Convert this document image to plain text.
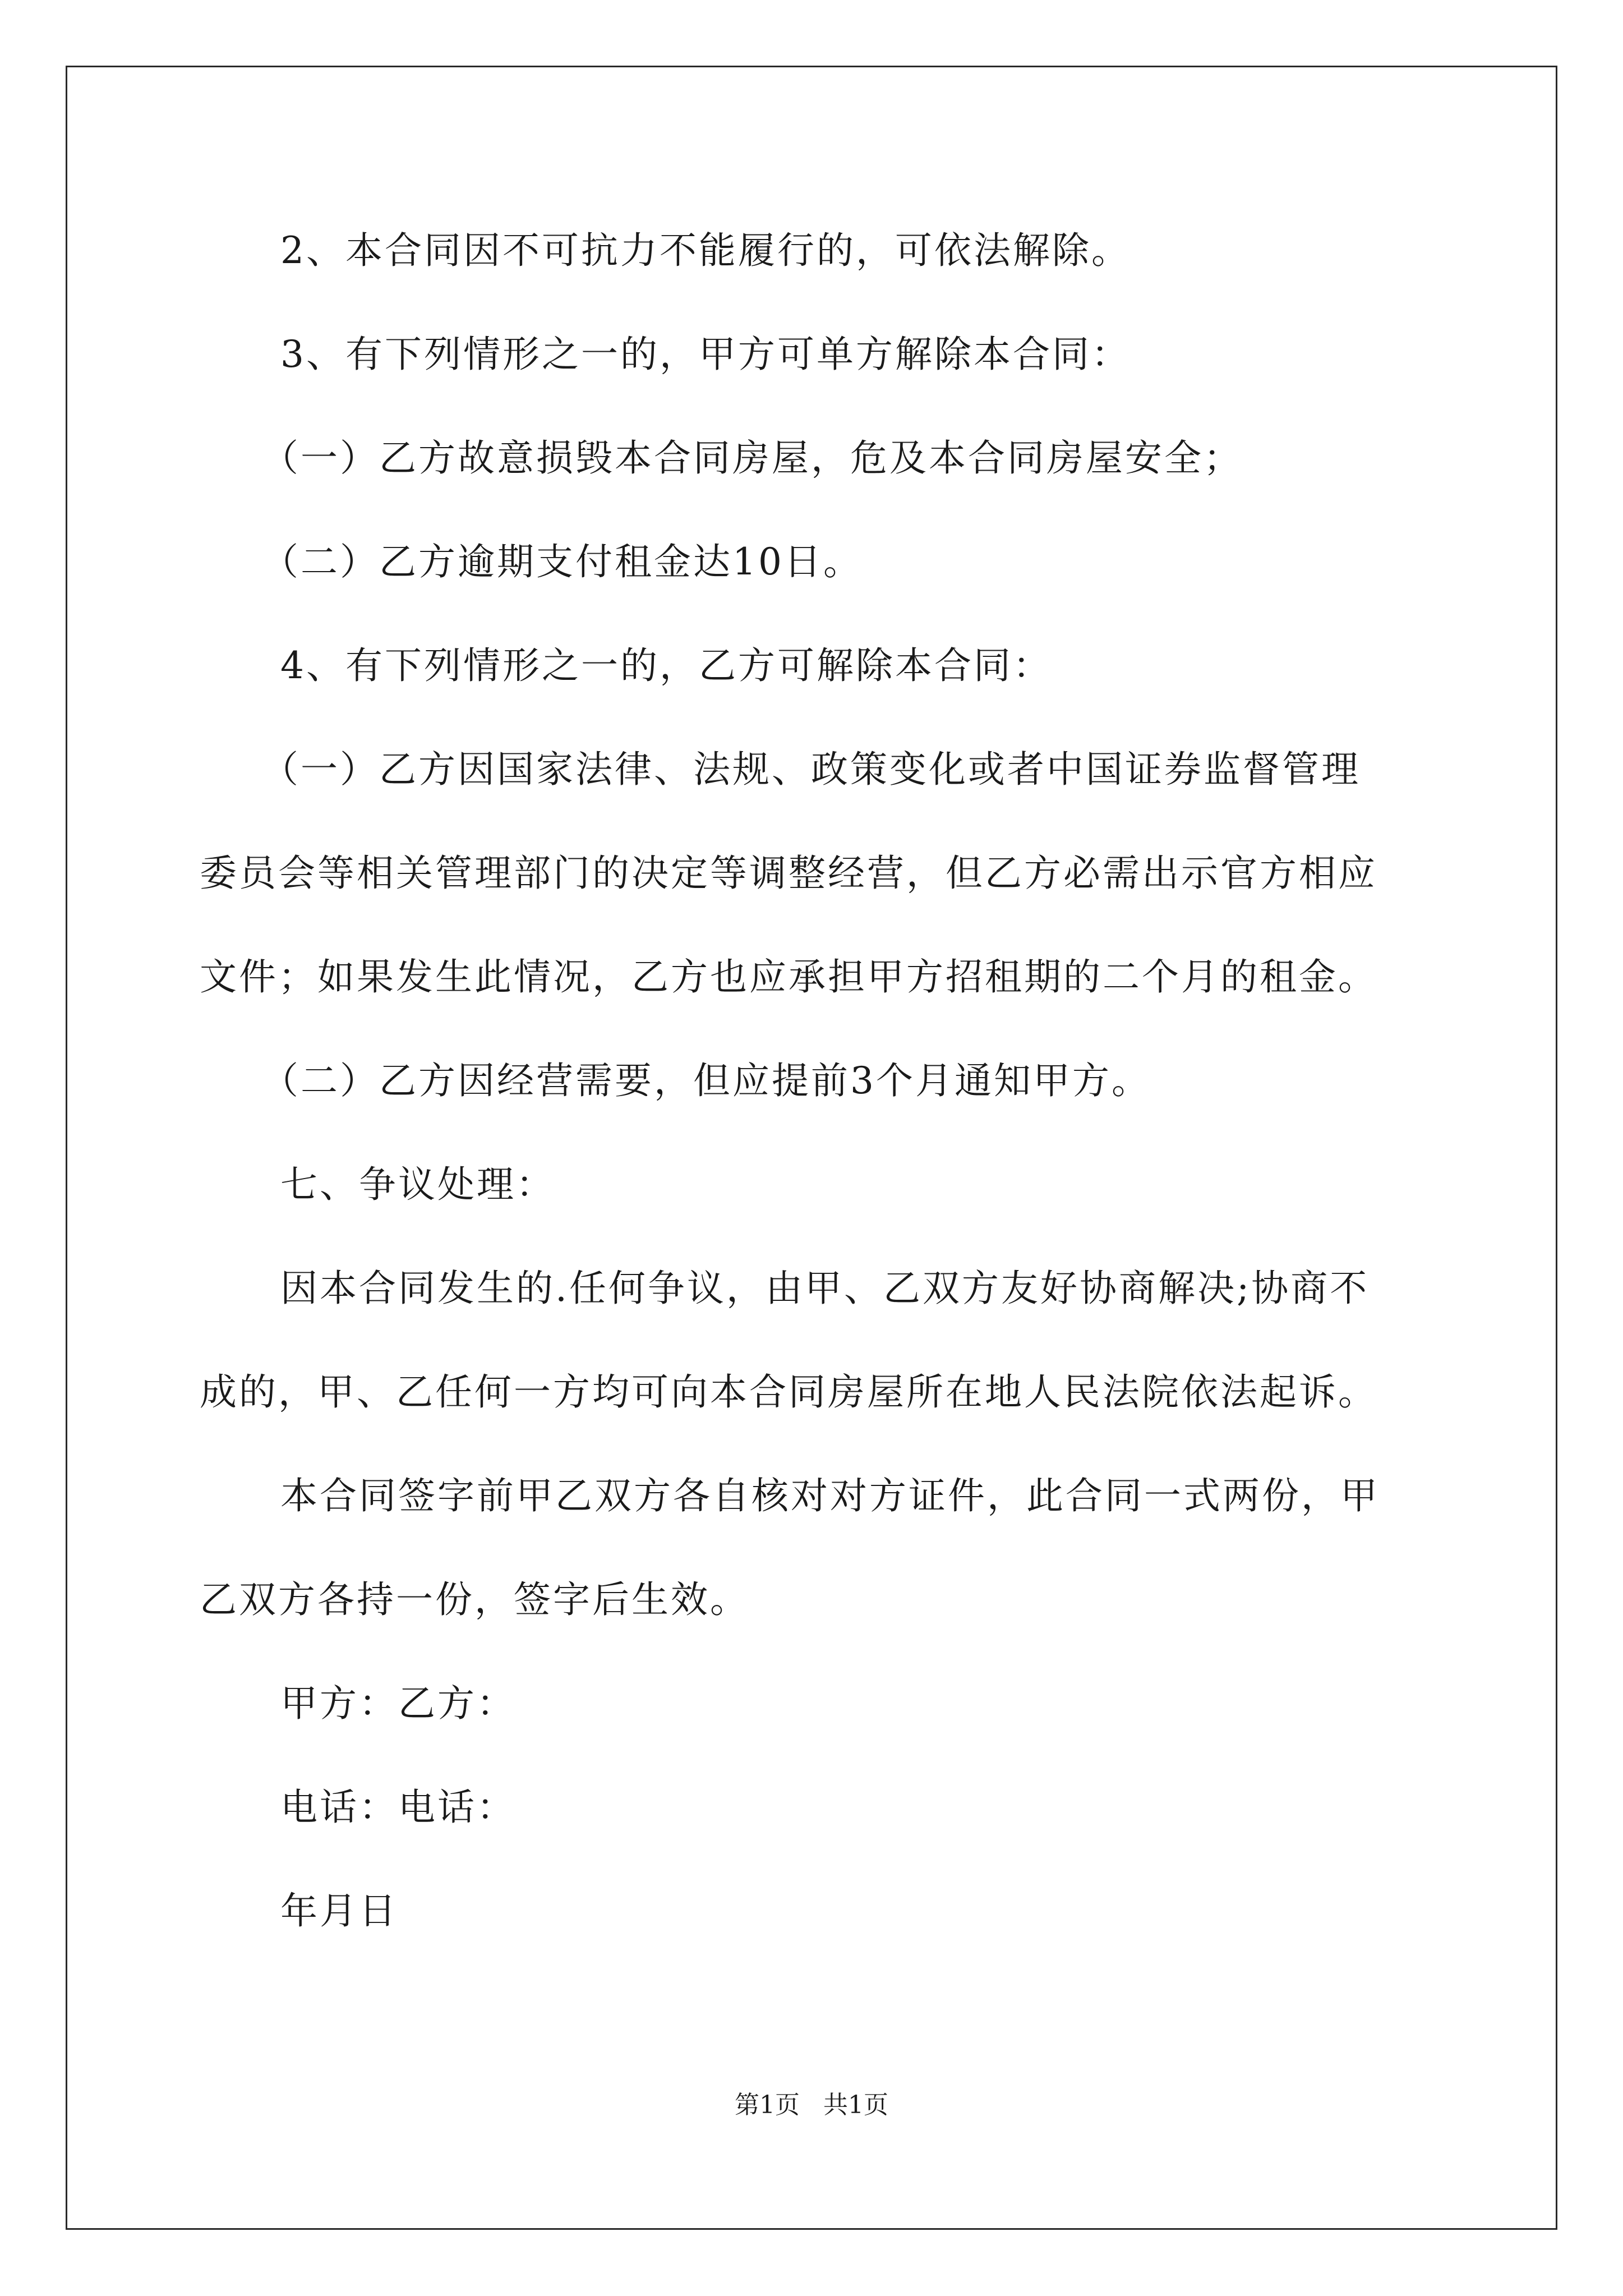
2、本合同因不可抗力不能履行的，可依法解除。
3、有下列情形之一的，甲方可单方解除本合同：
（一）乙方故意损毁本合同房屋，危及本合同房屋安全；
（二）乙方逾期支付租金达10日。
4、有下列情形之一的，乙方可解除本合同：
（一）乙方因国家法律、法规、政策变化或者中国证券监督管理
委员会等相关管理部门的决定等调整经营，但乙方必需出示官方相应
文件；如果发生此情况，乙方也应承担甲方招租期的二个月的租金。
（二）乙方因经营需要，但应提前3个月通知甲方。
七、争议处理：
因本合同发生的.任何争议，由甲、乙双方友好协商解决;协商不
成的，甲、乙任何一方均可向本合同房屋所在地人民法院依法起诉。
本合同签字前甲乙双方各自核对对方证件，此合同一式两份，甲
乙双方各持一份，签字后生效。
甲方：乙方：
电话：电话：
年月日
第1页   共1页
